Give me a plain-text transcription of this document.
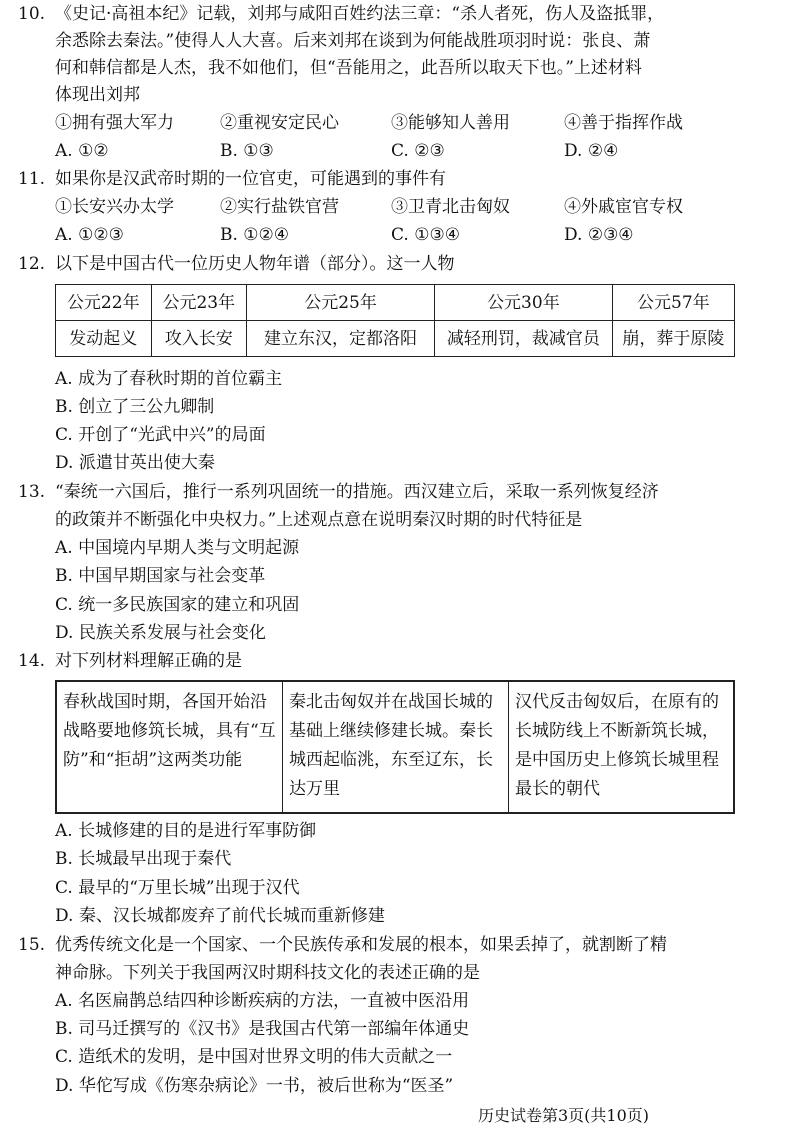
10. 《史记·高祖本纪》记载，刘邦与咸阳百姓约法三章：“杀人者死，伤人及盗抵罪，
余悉除去秦法。”使得人人大喜。后来刘邦在谈到为何能战胜项羽时说：张良、萧
何和韩信都是人杰，我不如他们，但“吾能用之，此吾所以取天下也。”上述材料
体现出刘邦
①拥有强大军力	②重视安定民心	③能够知人善用	④善于指挥作战
A. ①②	B. ①③	C. ②③	D. ②④
11. 如果你是汉武帝时期的一位官吏，可能遇到的事件有
①长安兴办太学	②实行盐铁官营	③卫青北击匈奴	④外戚宦官专权
A. ①②③	B. ①②④	C. ①③④	D. ②③④
12. 以下是中国古代一位历史人物年谱（部分）。这一人物
公元22年	公元23年	公元25年	公元30年	公元57年
发动起义	攻入长安	建立东汉，定都洛阳	减轻刑罚，裁减官员	崩，葬于原陵
A. 成为了春秋时期的首位霸主
B. 创立了三公九卿制
C. 开创了“光武中兴”的局面
D. 派遣甘英出使大秦
13. “秦统一六国后，推行一系列巩固统一的措施。西汉建立后，采取一系列恢复经济
的政策并不断强化中央权力。”上述观点意在说明秦汉时期的时代特征是
A. 中国境内早期人类与文明起源
B. 中国早期国家与社会变革
C. 统一多民族国家的建立和巩固
D. 民族关系发展与社会变化
14. 对下列材料理解正确的是
春秋战国时期，各国开始沿战略要地修筑长城，具有“互防”和“拒胡”这两类功能
秦北击匈奴并在战国长城的基础上继续修建长城。秦长城西起临洮，东至辽东，长达万里
汉代反击匈奴后，在原有的长城防线上不断新筑长城，是中国历史上修筑长城里程最长的朝代
A. 长城修建的目的是进行军事防御
B. 长城最早出现于秦代
C. 最早的“万里长城”出现于汉代
D. 秦、汉长城都废弃了前代长城而重新修建
15. 优秀传统文化是一个国家、一个民族传承和发展的根本，如果丢掉了，就割断了精
神命脉。下列关于我国两汉时期科技文化的表述正确的是
A. 名医扁鹊总结四种诊断疾病的方法，一直被中医沿用
B. 司马迁撰写的《汉书》是我国古代第一部编年体通史
C. 造纸术的发明，是中国对世界文明的伟大贡献之一
D. 华佗写成《伤寒杂病论》一书，被后世称为“医圣”
历史试卷第3页(共10页)
